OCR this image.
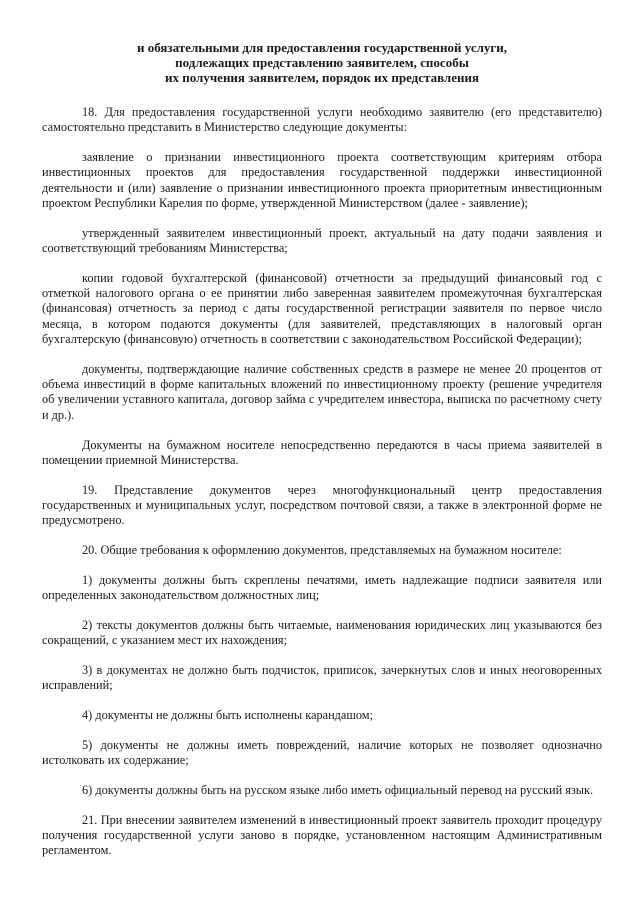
и обязательными для предоставления государственной услуги,
подлежащих представлению заявителем, способы
их получения заявителем, порядок их представления

18. Для предоставления государственной услуги необходимо заявителю (его представителю) самостоятельно представить в Министерство следующие документы:

заявление о признании инвестиционного проекта соответствующим критериям отбора инвестиционных проектов для предоставления государственной поддержки инвестиционной деятельности и (или) заявление о признании инвестиционного проекта приоритетным инвестиционным проектом Республики Карелия по форме, утвержденной Министерством (далее - заявление);

утвержденный заявителем инвестиционный проект, актуальный на дату подачи заявления и соответствующий требованиям Министерства;

копии годовой бухгалтерской (финансовой) отчетности за предыдущий финансовый год с отметкой налогового органа о ее принятии либо заверенная заявителем промежуточная бухгалтерская (финансовая) отчетность за период с даты государственной регистрации заявителя по первое число месяца, в котором подаются документы (для заявителей, представляющих в налоговый орган бухгалтерскую (финансовую) отчетность в соответствии с законодательством Российской Федерации);

документы, подтверждающие наличие собственных средств в размере не менее 20 процентов от объема инвестиций в форме капитальных вложений по инвестиционному проекту (решение учредителя об увеличении уставного капитала, договор займа с учредителем инвестора, выписка по расчетному счету и др.).

Документы на бумажном носителе непосредственно передаются в часы приема заявителей в помещении приемной Министерства.

19. Представление документов через многофункциональный центр предоставления государственных и муниципальных услуг, посредством почтовой связи, а также в электронной форме не предусмотрено.

20. Общие требования к оформлению документов, представляемых на бумажном носителе:

1) документы должны быть скреплены печатями, иметь надлежащие подписи заявителя или определенных законодательством должностных лиц;

2) тексты документов должны быть читаемые, наименования юридических лиц указываются без сокращений, с указанием мест их нахождения;

3) в документах не должно быть подчисток, приписок, зачеркнутых слов и иных неоговоренных исправлений;

4) документы не должны быть исполнены карандашом;

5) документы не должны иметь повреждений, наличие которых не позволяет однозначно истолковать их содержание;

6) документы должны быть на русском языке либо иметь официальный перевод на русский язык.

21. При внесении заявителем изменений в инвестиционный проект заявитель проходит процедуру получения государственной услуги заново в порядке, установленном настоящим Административным регламентом.
